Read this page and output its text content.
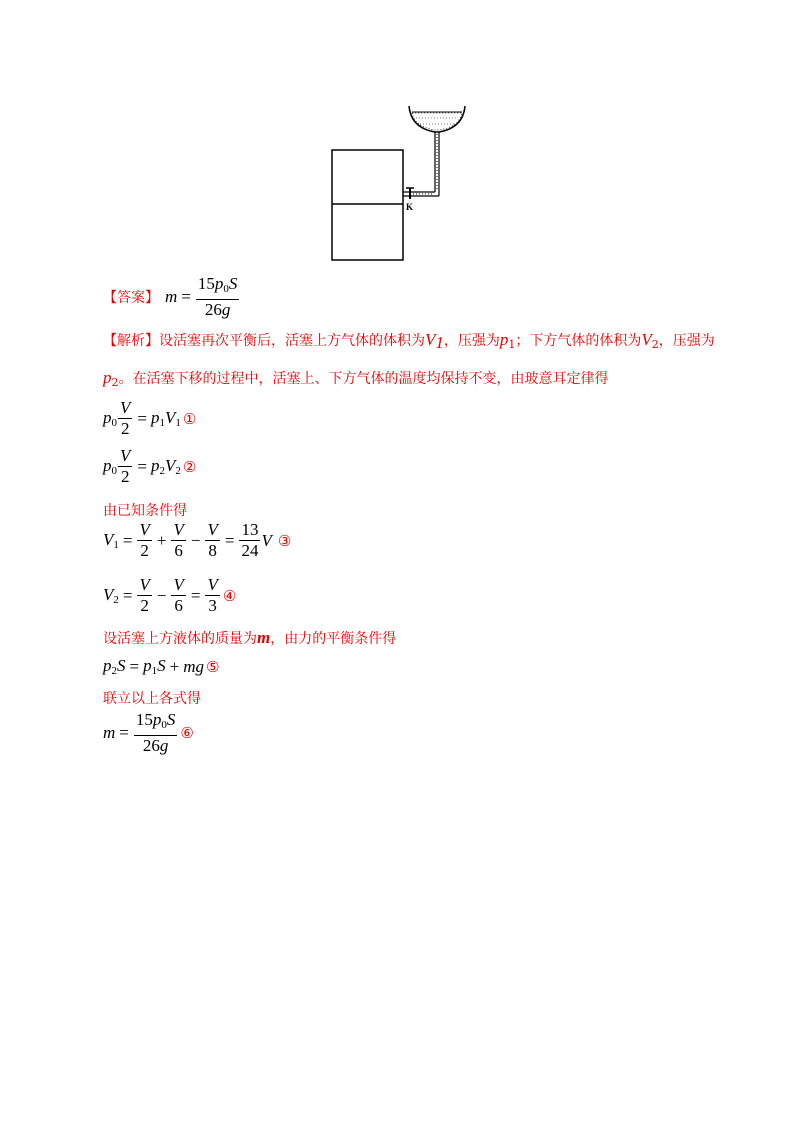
K
【答案】 $m = \frac{15p_0S}{26g}$
【解析】设活塞再次平衡后，活塞上方气体的体积为$V_1$，压强为$p_1$；下方气体的体积为$V_2$，压强为
$p_2$。在活塞下移的过程中，活塞上、下方气体的温度均保持不变，由玻意耳定律得
$p_0 \frac{V}{2} = p_1V_1$ ①
$p_0 \frac{V}{2} = p_2V_2$ ②
由已知条件得
$V_1 = \frac{V}{2} + \frac{V}{6} - \frac{V}{8} = \frac{13}{24}$ V ③
$V_2 = \frac{V}{2} - \frac{V}{6} = \frac{V}{3}$ ④
设活塞上方液体的质量为m，由力的平衡条件得
$p_2S = p_1S$ + mg ⑤
联立以上各式得
$m = \frac{15p_0S}{26g}$ ⑥
